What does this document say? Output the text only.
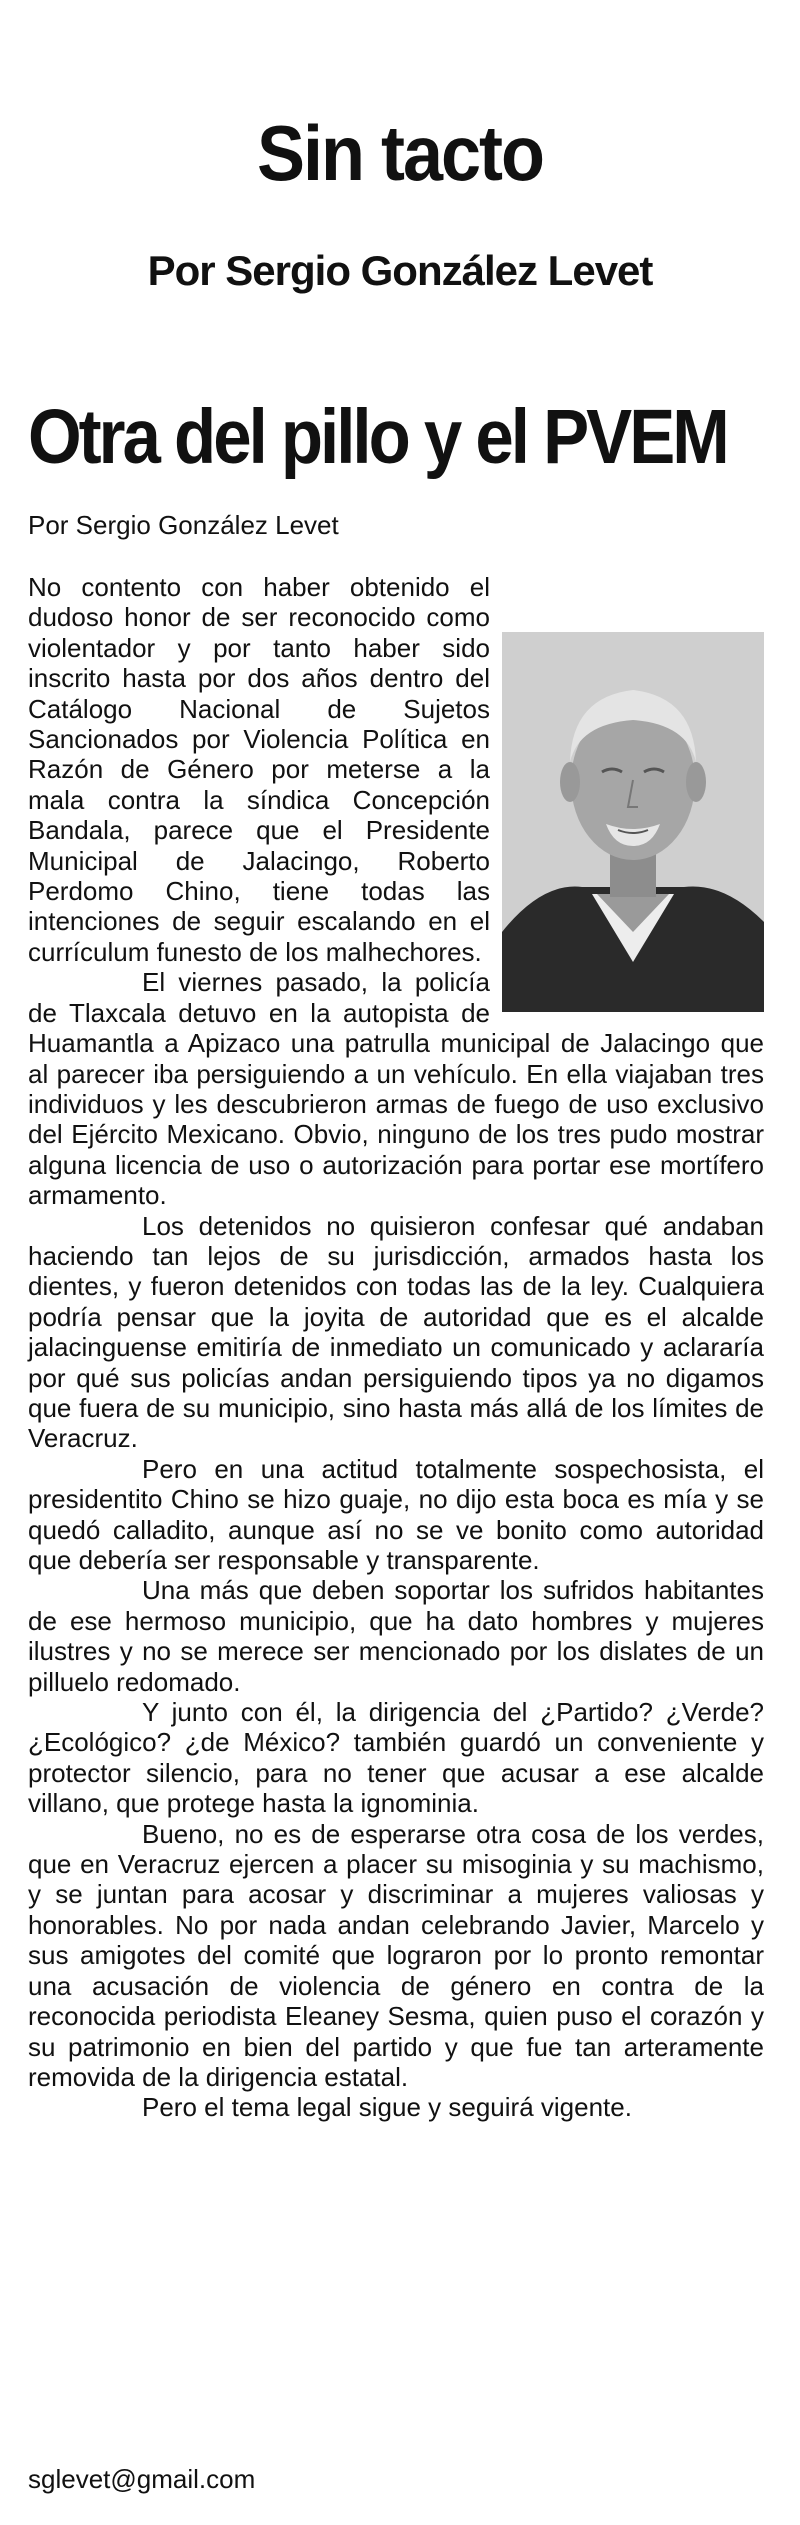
Sin tacto
Por Sergio González Levet
Otra del pillo y el PVEM
Por Sergio González Levet

No contento con haber obtenido el dudoso honor de ser reconocido como violentador y por tanto haber sido inscrito hasta por dos años dentro del Catálogo Nacional de Sujetos Sancionados por Violencia Política en Razón de Género por meterse a la mala contra la síndica Concepción Bandala, parece que el Presidente Municipal de Jalacingo, Roberto Perdomo Chino, tiene todas las intenciones de seguir escalando en el currículum funesto de los malhechores.

El viernes pasado, la policía de Tlaxcala detuvo en la autopista de Huamantla a Apizaco una patrulla municipal de Jalacingo que al parecer iba persiguiendo a un vehículo. En ella viajaban tres individuos y les descubrieron armas de fuego de uso exclusivo del Ejército Mexicano. Obvio, ninguno de los tres pudo mostrar alguna licencia de uso o autorización para portar ese mortífero armamento.

Los detenidos no quisieron confesar qué andaban haciendo tan lejos de su jurisdicción, armados hasta los dientes, y fueron detenidos con todas las de la ley. Cualquiera podría pensar que la joyita de autoridad que es el alcalde jalacinguense emitiría de inmediato un comunicado y aclararía por qué sus policías andan persiguiendo tipos ya no digamos que fuera de su municipio, sino hasta más allá de los límites de Veracruz.

Pero en una actitud totalmente sospechosista, el presidentito Chino se hizo guaje, no dijo esta boca es mía y se quedó calladito, aunque así no se ve bonito como autoridad que debería ser responsable y transparente.

Una más que deben soportar los sufridos habitantes de ese hermoso municipio, que ha dato hombres y mujeres ilustres y no se merece ser mencionado por los dislates de un pilluelo redomado.

Y junto con él, la dirigencia del ¿Partido? ¿Verde? ¿Ecológico? ¿de México? también guardó un conveniente y protector silencio, para no tener que acusar a ese alcalde villano, que protege hasta la ignominia.

Bueno, no es de esperarse otra cosa de los verdes, que en Veracruz ejercen a placer su misoginia y su machismo, y se juntan para acosar y discriminar a mujeres valiosas y honorables. No por nada andan celebrando Javier, Marcelo y sus amigotes del comité que lograron por lo pronto remontar una acusación de violencia de género en contra de la reconocida periodista Eleaney Sesma, quien puso el corazón y su patrimonio en bien del partido y que fue tan arteramente removida de la dirigencia estatal.

Pero el tema legal sigue y seguirá vigente.

sglevet@gmail.com
